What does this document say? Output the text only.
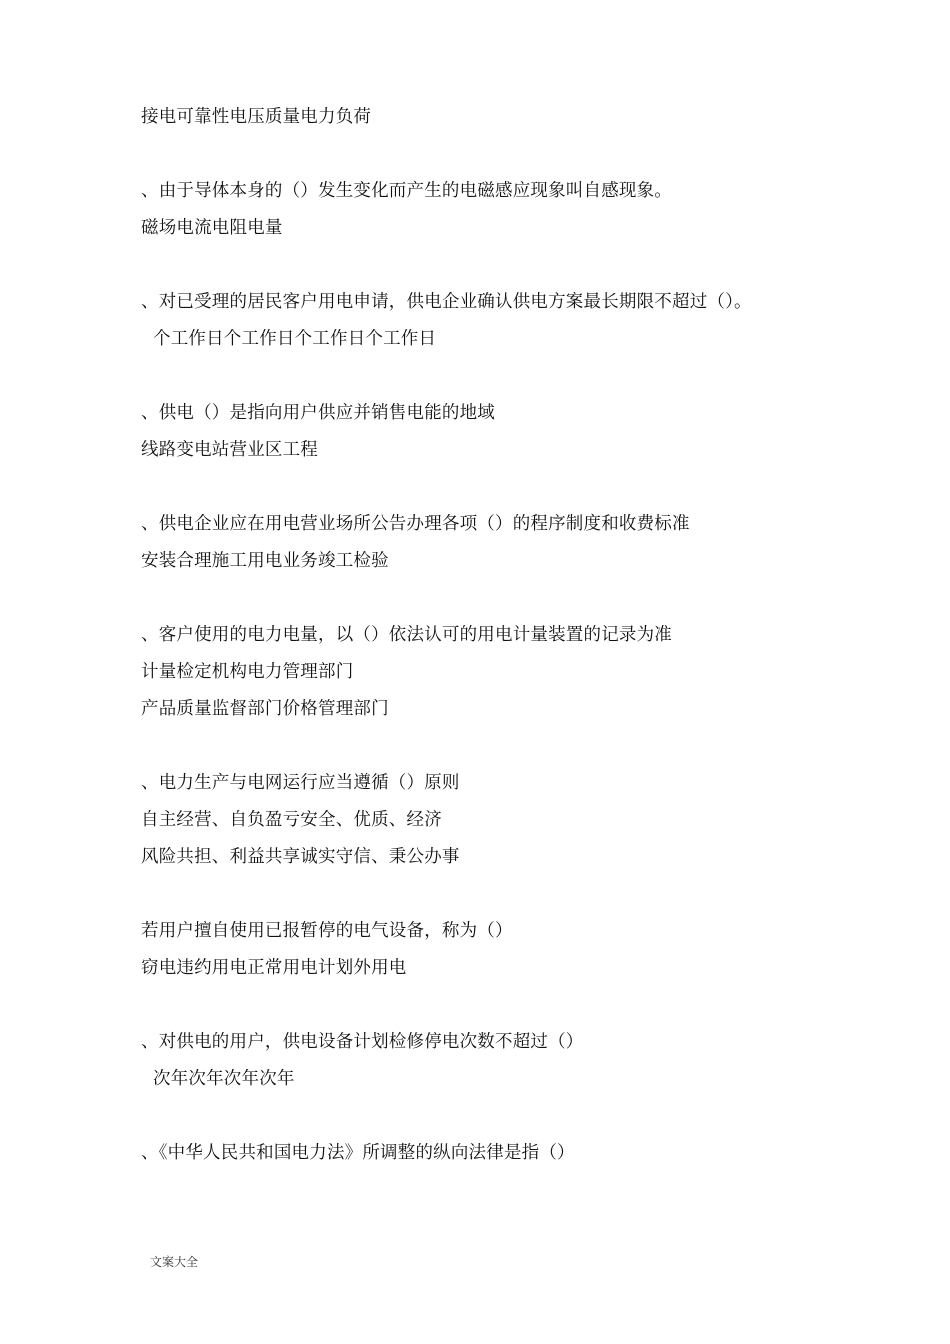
接电可靠性电压质量电力负荷
、由于导体本身的（）发生变化而产生的电磁感应现象叫自感现象。
磁场电流电阻电量
、对已受理的居民客户用电申请，供电企业确认供电方案最长期限不超过（）。
个工作日个工作日个工作日个工作日
、供电（）是指向用户供应并销售电能的地域
线路变电站营业区工程
、供电企业应在用电营业场所公告办理各项（）的程序制度和收费标准
安装合理施工用电业务竣工检验
、客户使用的电力电量，以（）依法认可的用电计量装置的记录为准
计量检定机构电力管理部门
产品质量监督部门价格管理部门
、电力生产与电网运行应当遵循（）原则
自主经营、自负盈亏安全、优质、经济
风险共担、利益共享诚实守信、秉公办事
若用户擅自使用已报暂停的电气设备，称为（）
窃电违约用电正常用电计划外用电
、对供电的用户，供电设备计划检修停电次数不超过（）
次年次年次年次年
、《中华人民共和国电力法》所调整的纵向法律是指（）
文案大全
